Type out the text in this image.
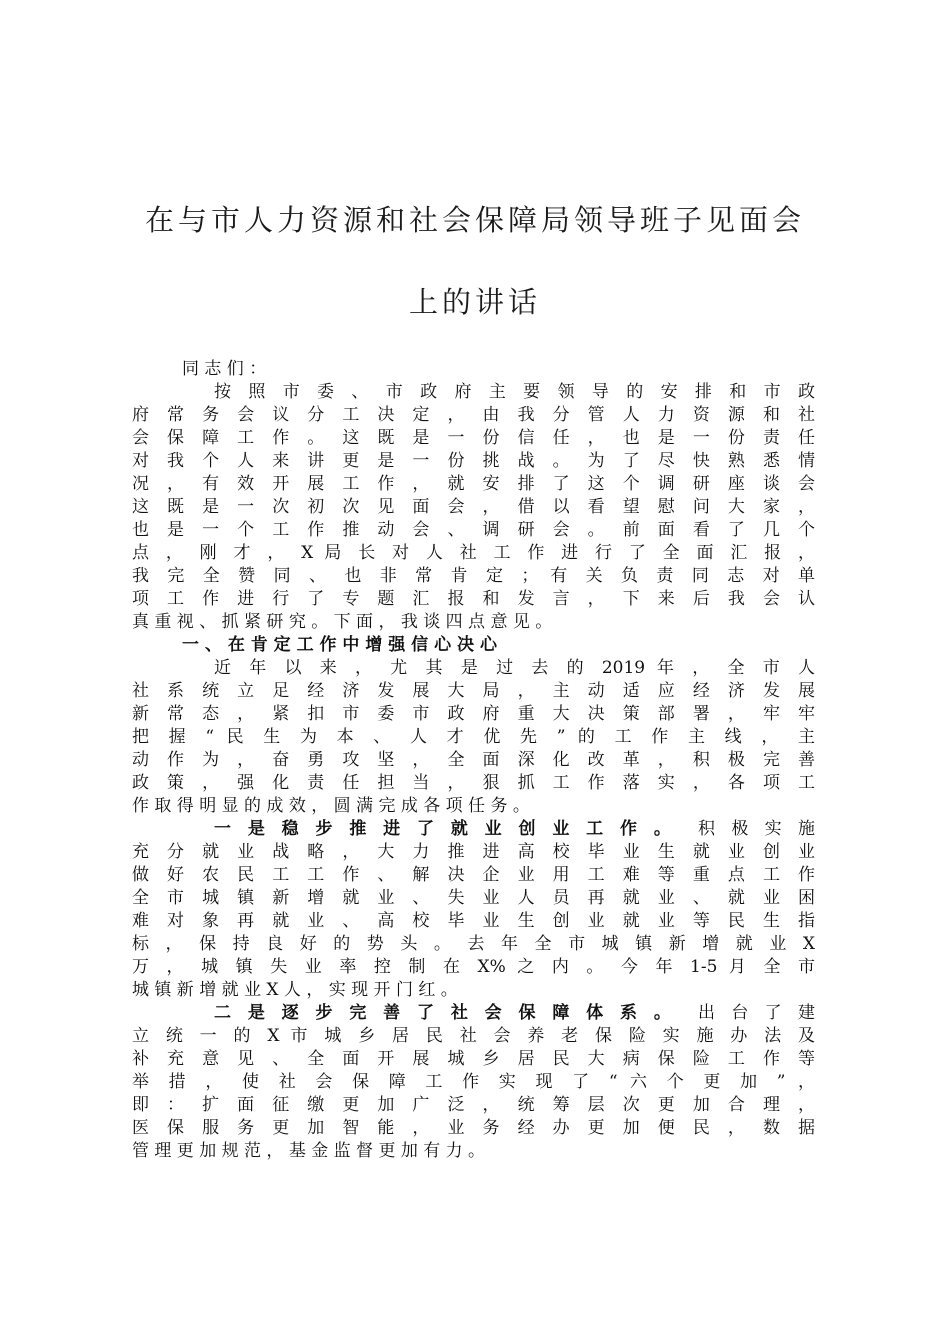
在与市人力资源和社会保障局领导班子见面会
上的讲话
同 志 们 ：
按 照 市 委 、 市 政 府 主 要 领 导 的 安 排 和 市 政
府 常 务 会 议 分 工 决 定 ， 由 我 分 管 人 力 资 源 和 社
会 保 障 工 作 。 这 既 是 一 份 信 任 ， 也 是 一 份 责 任
对 我 个 人 来 讲 更 是 一 份 挑 战 。 为 了 尽 快 熟 悉 情
况 ， 有 效 开 展 工 作 ， 就 安 排 了 这 个 调 研 座 谈 会
这 既 是 一 次 初 次 见 面 会 ， 借 以 看 望 慰 问 大 家 ，
也 是 一 个 工 作 推 动 会 、 调 研 会 。 前 面 看 了 几 个
点 ， 刚 才 ， X 局 长 对 人 社 工 作 进 行 了 全 面 汇 报 ，
我 完 全 赞 同 、 也 非 常 肯 定 ； 有 关 负 责 同 志 对 单
项 工 作 进 行 了 专 题 汇 报 和 发 言 ， 下 来 后 我 会 认
真 重 视 、 抓 紧 研 究 。 下 面 ， 我 谈 四 点 意 见 。
一 、 在 肯 定 工 作 中 增 强 信 心 决 心
近 年 以 来 ， 尤 其 是 过 去 的 2019 年 ， 全 市 人
社 系 统 立 足 经 济 发 展 大 局 ， 主 动 适 应 经 济 发 展
新 常 态 ， 紧 扣 市 委 市 政 府 重 大 决 策 部 署 ， 牢 牢
把 握 “ 民 生 为 本 、 人 才 优 先 ” 的 工 作 主 线 ， 主
动 作 为 ， 奋 勇 攻 坚 ， 全 面 深 化 改 革 ， 积 极 完 善
政 策 ， 强 化 责 任 担 当 ， 狠 抓 工 作 落 实 ， 各 项 工
作 取 得 明 显 的 成 效 ， 圆 满 完 成 各 项 任 务 。
一 是 稳 步 推 进 了 就 业 创 业 工 作 。 积 极 实 施
充 分 就 业 战 略 ， 大 力 推 进 高 校 毕 业 生 就 业 创 业
做 好 农 民 工 工 作 、 解 决 企 业 用 工 难 等 重 点 工 作
全 市 城 镇 新 增 就 业 、 失 业 人 员 再 就 业 、 就 业 困
难 对 象 再 就 业 、 高 校 毕 业 生 创 业 就 业 等 民 生 指
标 ， 保 持 良 好 的 势 头 。 去 年 全 市 城 镇 新 增 就 业 X
万 ， 城 镇 失 业 率 控 制 在 X% 之 内 。 今 年 1-5 月 全 市
城 镇 新 增 就 业 X 人 ， 实 现 开 门 红 。
二 是 逐 步 完 善 了 社 会 保 障 体 系 。 出 台 了 建
立 统 一 的 X 市 城 乡 居 民 社 会 养 老 保 险 实 施 办 法 及
补 充 意 见 、 全 面 开 展 城 乡 居 民 大 病 保 险 工 作 等
举 措 ， 使 社 会 保 障 工 作 实 现 了 “ 六 个 更 加 ” ，
即 ： 扩 面 征 缴 更 加 广 泛 ， 统 筹 层 次 更 加 合 理 ，
医 保 服 务 更 加 智 能 ， 业 务 经 办 更 加 便 民 ， 数 据
管 理 更 加 规 范 ， 基 金 监 督 更 加 有 力 。
